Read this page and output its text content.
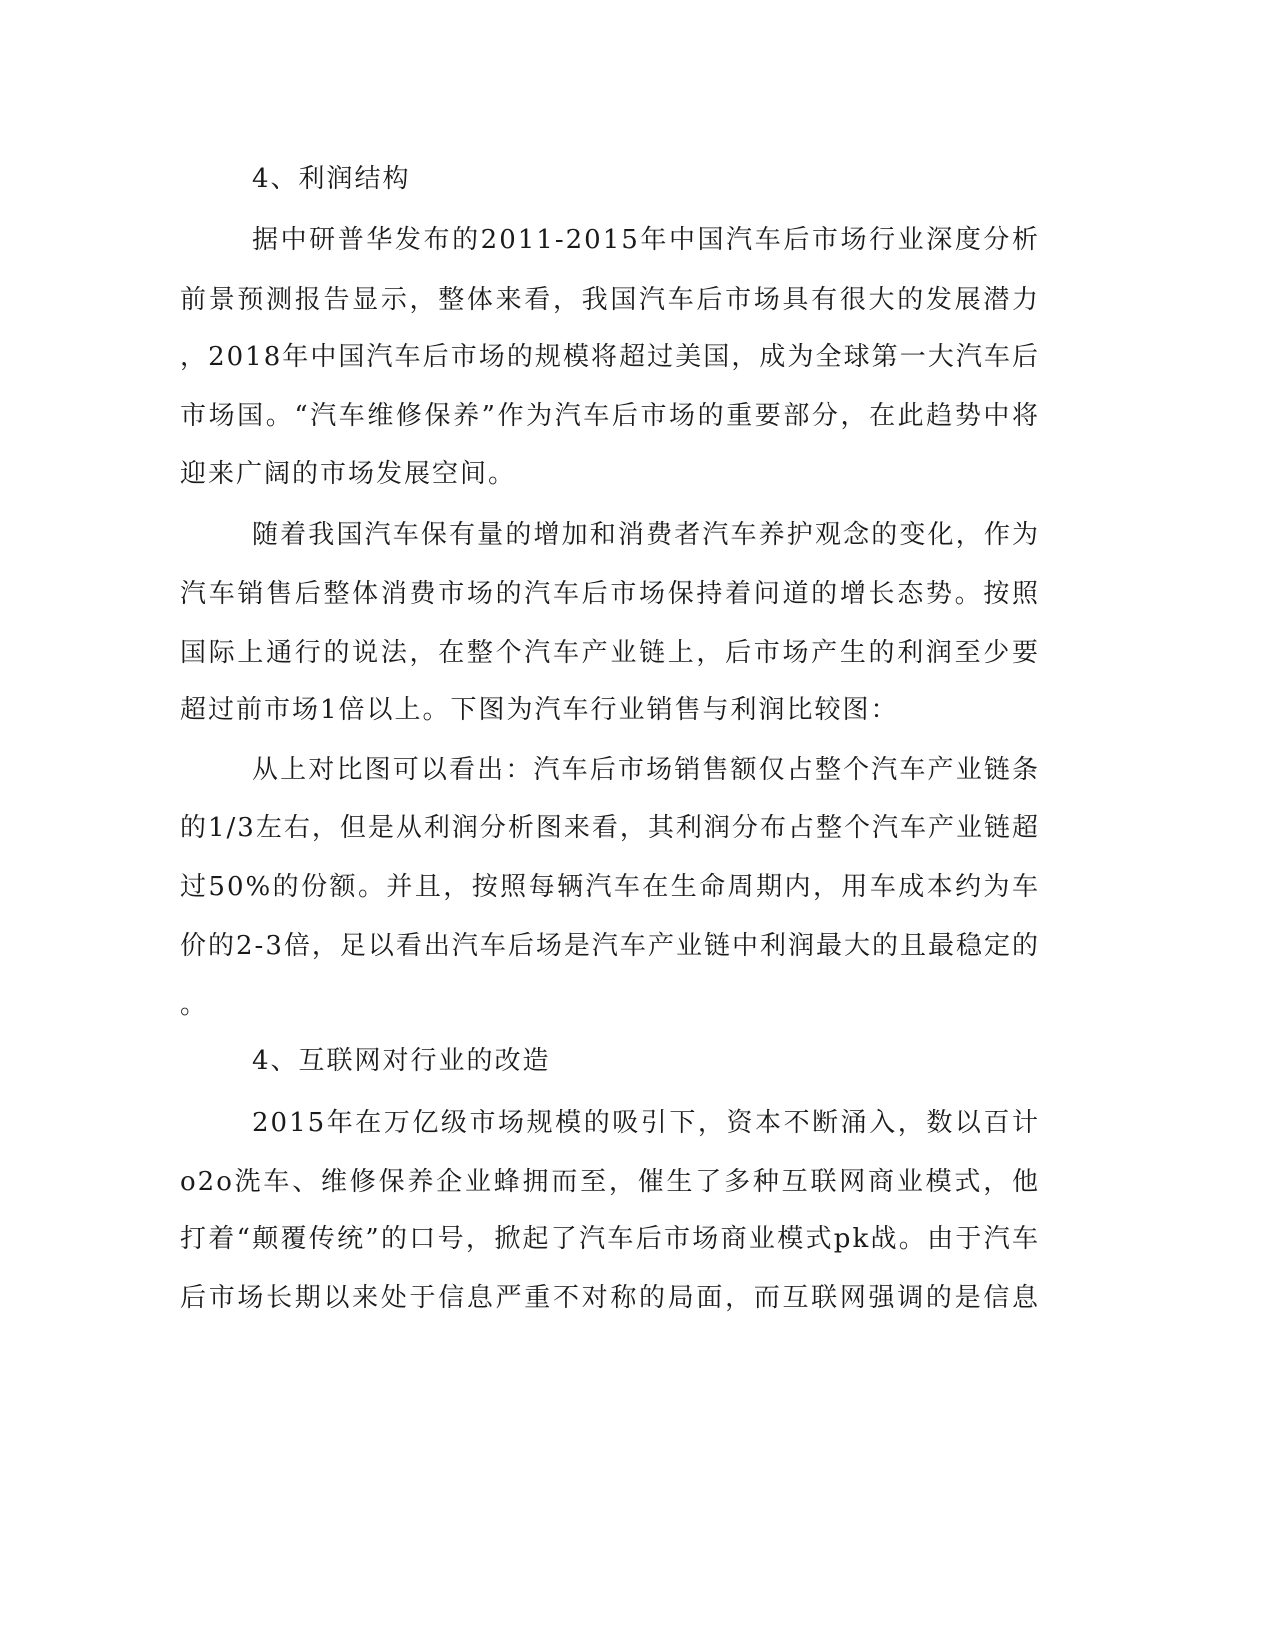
4、利润结构
据中研普华发布的2011-2015年中国汽车后市场行业深度分析
前景预测报告显示，整体来看，我国汽车后市场具有很大的发展潜力
，2018年中国汽车后市场的规模将超过美国，成为全球第一大汽车后
市场国。“汽车维修保养”作为汽车后市场的重要部分，在此趋势中将
迎来广阔的市场发展空间。
随着我国汽车保有量的增加和消费者汽车养护观念的变化，作为
汽车销售后整体消费市场的汽车后市场保持着问道的增长态势。按照
国际上通行的说法，在整个汽车产业链上，后市场产生的利润至少要
超过前市场1倍以上。下图为汽车行业销售与利润比较图：
从上对比图可以看出：汽车后市场销售额仅占整个汽车产业链条
的1/3左右，但是从利润分析图来看，其利润分布占整个汽车产业链超
过50%的份额。并且，按照每辆汽车在生命周期内，用车成本约为车
价的2-3倍，足以看出汽车后场是汽车产业链中利润最大的且最稳定的
。
4、互联网对行业的改造
2015年在万亿级市场规模的吸引下，资本不断涌入，数以百计
o2o洗车、维修保养企业蜂拥而至，催生了多种互联网商业模式，他
打着“颠覆传统”的口号，掀起了汽车后市场商业模式pk战。由于汽车
后市场长期以来处于信息严重不对称的局面，而互联网强调的是信息
